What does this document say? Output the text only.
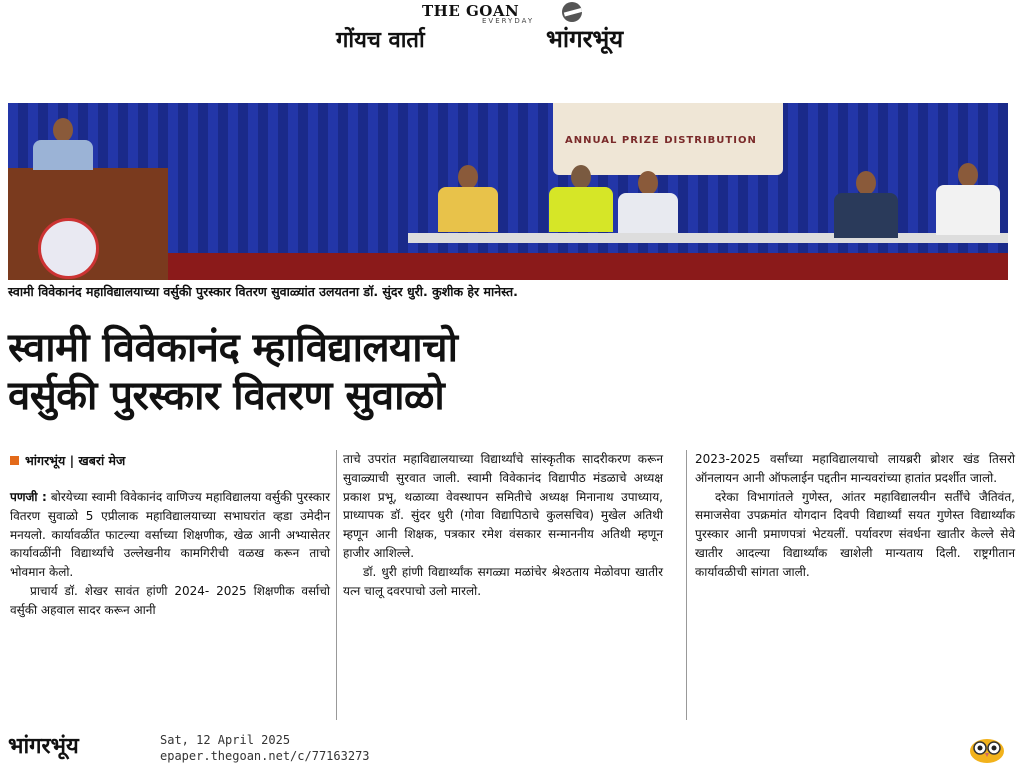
THE GOAN
EVERYDAY
गोंयच वार्ता	भांगरभूंय
ANNUAL PRIZE DISTRIBUTION
स्वामी विवेकानंद महाविद्यालयाच्या वर्सुकी पुरस्कार वितरण सुवाळ्यांत उलयतना डॉ. सुंदर धुरी. कुशीक हेर मानेस्त.
स्वामी विवेकानंद म्हाविद्यालयाचो
वर्सुकी पुरस्कार वितरण सुवाळो
भांगरभूंय | खबरां मेज

पणजी : बोरयेच्या स्वामी विवेकानंद वाणिज्य महाविद्यालया वर्सुकी पुरस्कार वितरण सुवाळो 5 एप्रीलाक महाविद्यालयाच्या सभाघरांत व्हडा उमेदीन मनयलो. कार्यावळींत फाटल्या वर्साच्या शिक्षणीक, खेळ आनी अभ्यासेतर कार्यावळींनी विद्यार्थ्यांचे उल्लेखनीय कामगिरीची वळख करून ताचो भोवमान केलो.

प्राचार्य डॉ. शेखर सावंत हांणी 2024- 2025 शिक्षणीक वर्साचो वर्सुकी अहवाल सादर करून आनी

ताचे उपरांत महाविद्यालयाच्या विद्यार्थ्यांचे सांस्कृतीक सादरीकरण करून सुवाळ्याची सुरवात जाली. स्वामी विवेकानंद विद्यापीठ मंडळाचे अध्यक्ष प्रकाश प्रभू, थळाव्या वेवस्थापन समितीचे अध्यक्ष मिनानाथ उपाध्याय, प्राध्यापक डॉ. सुंदर धुरी (गोवा विद्यापिठाचे कुलसचिव) मुखेल अतिथी म्हणून आनी शिक्षक, पत्रकार रमेश वंसकार सन्माननीय अतिथी म्हणून हाजीर आशिल्ले.

डॉ. धुरी हांणी विद्यार्थ्यांक सगळ्या मळांचेर श्रेश्ठताय मेळोवपा खातीर यत्न चालू दवरपाचो उलो मारलो.

2023-2025 वर्सांच्या महाविद्यालयाचो लायब्ररी ब्रोशर खंड तिसरो ऑनलायन आनी ऑफलाईन पद्दतीन मान्यवरांच्या हातांत प्रदर्शीत जालो.

दरेका विभागांतले गुणेस्त, आंतर महाविद्यालयीन सर्तींचे जैतिवंत, समाजसेवा उपक्रमांत योगदान दिवपी विद्यार्थ्यां सयत गुणेस्त विद्यार्थ्यांक पुरस्कार आनी प्रमाणपत्रां भेटयलीं. पर्यावरण संवर्धना खातीर केल्ले सेवे खातीर आदल्या विद्यार्थ्यांक खाशेली मान्यताय दिली. राष्ट्रगीतान कार्यावळीची सांगता जाली.

भांगरभूंय	Sat, 12 April 2025
epaper.thegoan.net/c/77163273
